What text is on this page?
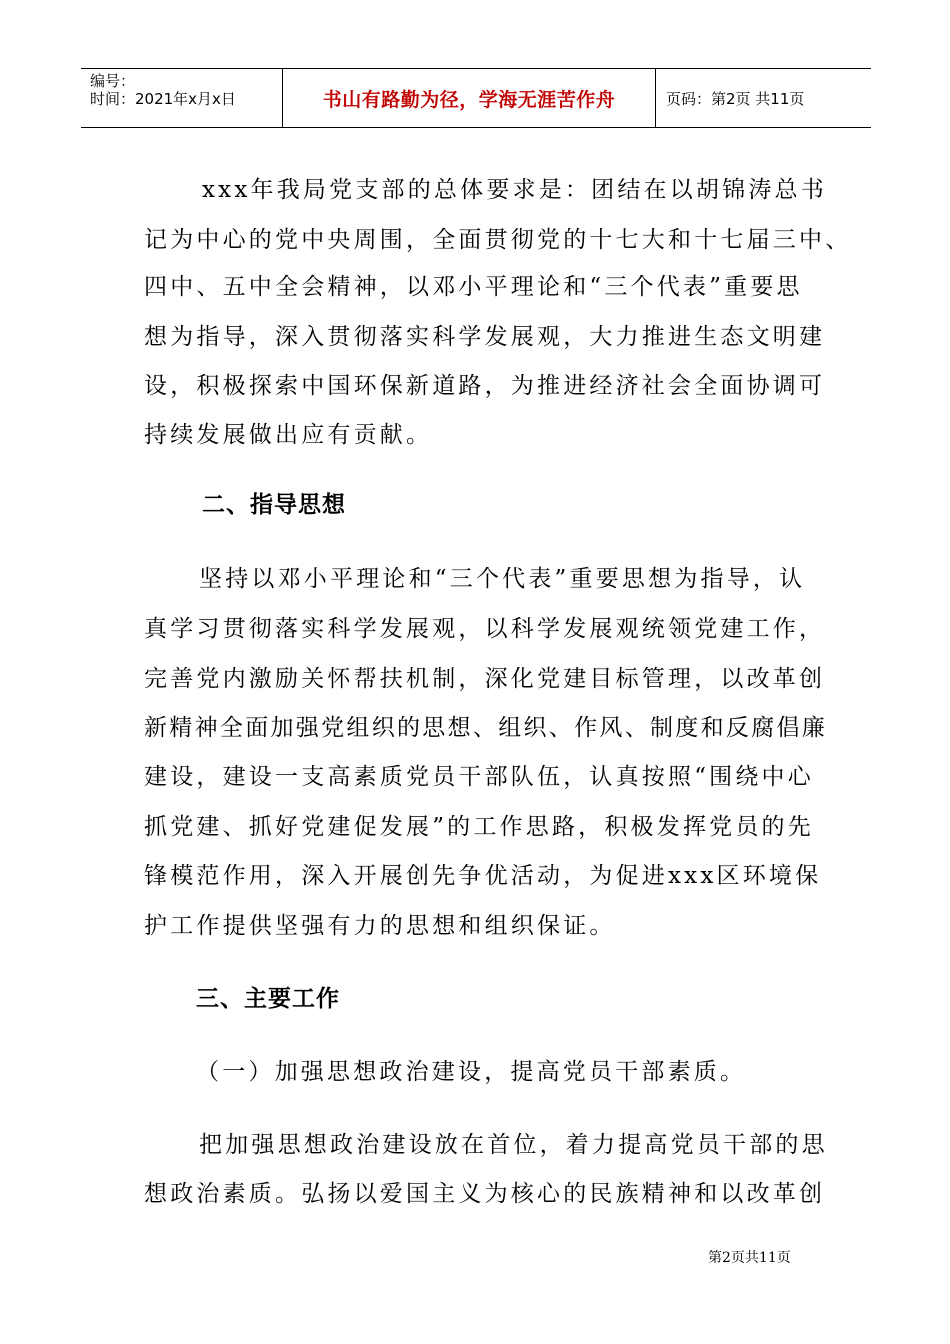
编号：
时间：2021年x月x日	书山有路勤为径，学海无涯苦作舟	页码：第2页 共11页
xxx年我局党支部的总体要求是：团结在以胡锦涛总书
记为中心的党中央周围，全面贯彻党的十七大和十七届三中、
四中、五中全会精神，以邓小平理论和“三个代表”重要思
想为指导，深入贯彻落实科学发展观，大力推进生态文明建
设，积极探索中国环保新道路，为推进经济社会全面协调可
持续发展做出应有贡献。
二、指导思想
坚持以邓小平理论和“三个代表”重要思想为指导，认
真学习贯彻落实科学发展观，以科学发展观统领党建工作，
完善党内激励关怀帮扶机制，深化党建目标管理，以改革创
新精神全面加强党组织的思想、组织、作风、制度和反腐倡廉
建设，建设一支高素质党员干部队伍，认真按照“围绕中心
抓党建、抓好党建促发展”的工作思路，积极发挥党员的先
锋模范作用，深入开展创先争优活动，为促进xxx区环境保
护工作提供坚强有力的思想和组织保证。
三、主要工作
（一）加强思想政治建设，提高党员干部素质。
把加强思想政治建设放在首位，着力提高党员干部的思
想政治素质。弘扬以爱国主义为核心的民族精神和以改革创
第2页共11页
